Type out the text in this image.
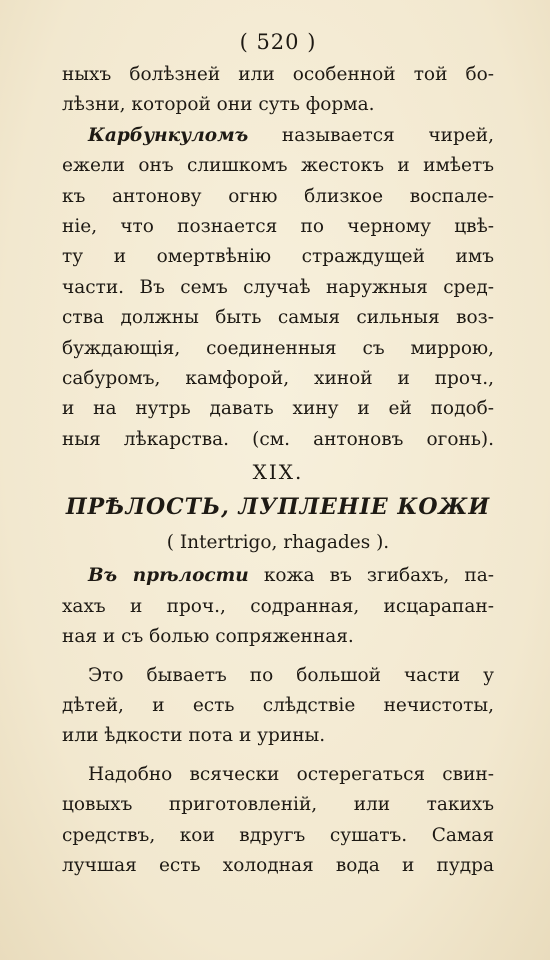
( 520 )
ныхъ болѣзней или особенной той бо-
лѣзни, которой они суть форма.
Карбункуломъ называется чирей,
ежели онъ слишкомъ жестокъ и имѣетъ
къ антонову огню близкое воспале-
ніе, что познается по черному цвѣ-
ту и омертвѣнію страждущей имъ
части. Въ семъ случаѣ наружныя сред-
ства должны быть самыя сильныя воз-
буждающія, соединенныя съ миррою,
сабуромъ, камфорой, хиной и проч.,
и на нутрь давать хину и ей подоб-
ныя лѣкарства. (см. антоновъ огонь).
XIX.
ПРѢЛОСТЬ, ЛУПЛЕНІЕ КОЖИ
( Intertrigo, rhagades ).
Въ прѣлости кожа въ згибахъ, па-
хахъ и проч., содранная, исцарапан-
ная и съ болью сопряженная.
Это бываетъ по большой части у
дѣтей, и есть слѣдствіе нечистоты,
или ѣдкости пота и урины.
Надобно всячески остерегаться свин-
цовыхъ приготовленій, или такихъ
средствъ, кои вдругъ сушатъ. Самая
лучшая есть холодная вода и пудра
